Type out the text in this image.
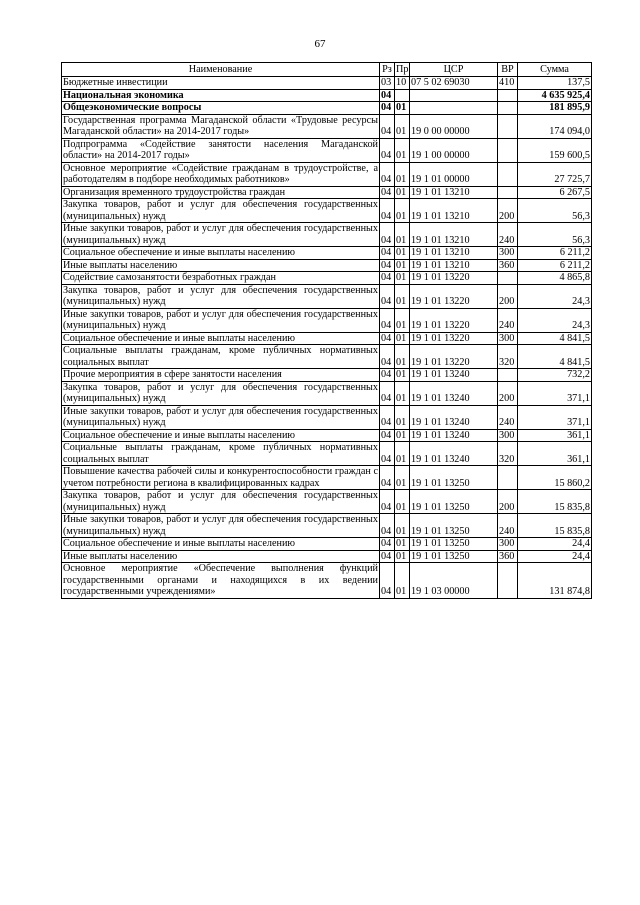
67
Наименование	Рз	Пр	ЦСР	ВР	Сумма
Бюджетные инвестиции	03	10	07 5 02 69030	410	137,5
Национальная экономика	04				4 635 925,4
Общеэкономические вопросы	04	01			181 895,9
Государственная программа Магаданской области «Трудовые ресурсы Магаданской области» на 2014-2017 годы»	04	01	19 0 00 00000		174 094,0
Подпрограмма «Содействие занятости населения Магаданской области» на 2014-2017 годы»	04	01	19 1 00 00000		159 600,5
Основное мероприятие «Содействие гражданам в трудоустройстве, а работодателям в подборе необходимых работников»	04	01	19 1 01 00000		27 725,7
Организация временного трудоустройства граждан	04	01	19 1 01 13210		6 267,5
Закупка товаров, работ и услуг для обеспечения государственных (муниципальных) нужд	04	01	19 1 01 13210	200	56,3
Иные закупки товаров, работ и услуг для обеспечения государственных (муниципальных) нужд	04	01	19 1 01 13210	240	56,3
Социальное обеспечение и иные выплаты населению	04	01	19 1 01 13210	300	6 211,2
Иные выплаты населению	04	01	19 1 01 13210	360	6 211,2
Содействие самозанятости безработных граждан	04	01	19 1 01 13220		4 865,8
Закупка товаров, работ и услуг для обеспечения государственных (муниципальных) нужд	04	01	19 1 01 13220	200	24,3
Иные закупки товаров, работ и услуг для обеспечения государственных (муниципальных) нужд	04	01	19 1 01 13220	240	24,3
Социальное обеспечение и иные выплаты населению	04	01	19 1 01 13220	300	4 841,5
Социальные выплаты гражданам, кроме публичных нормативных социальных выплат	04	01	19 1 01 13220	320	4 841,5
Прочие мероприятия в сфере занятости населения	04	01	19 1 01 13240		732,2
Закупка товаров, работ и услуг для обеспечения государственных (муниципальных) нужд	04	01	19 1 01 13240	200	371,1
Иные закупки товаров, работ и услуг для обеспечения государственных (муниципальных) нужд	04	01	19 1 01 13240	240	371,1
Социальное обеспечение и иные выплаты населению	04	01	19 1 01 13240	300	361,1
Социальные выплаты гражданам, кроме публичных нормативных социальных выплат	04	01	19 1 01 13240	320	361,1
Повышение качества рабочей силы и конкурентоспособности граждан с учетом потребности региона в квалифицированных кадрах	04	01	19 1 01 13250		15 860,2
Закупка товаров, работ и услуг для обеспечения государственных (муниципальных) нужд	04	01	19 1 01 13250	200	15 835,8
Иные закупки товаров, работ и услуг для обеспечения государственных (муниципальных) нужд	04	01	19 1 01 13250	240	15 835,8
Социальное обеспечение и иные выплаты населению	04	01	19 1 01 13250	300	24,4
Иные выплаты населению	04	01	19 1 01 13250	360	24,4
Основное мероприятие «Обеспечение выполнения функций государственными органами и находящихся в их ведении государственными учреждениями»	04	01	19 1 03 00000		131 874,8
